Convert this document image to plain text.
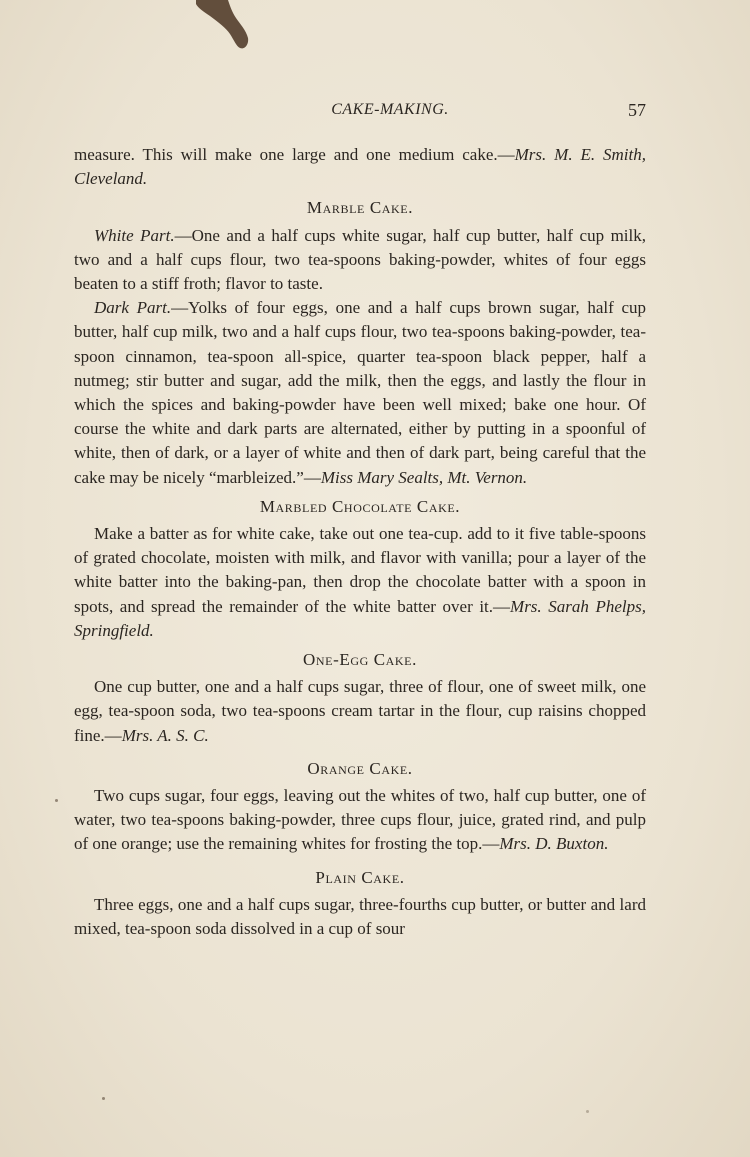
CAKE-MAKING.	57

measure. This will make one large and one medium cake.—Mrs. M. E. Smith, Cleveland.

Marble Cake.

White Part.—One and a half cups white sugar, half cup butter, half cup milk, two and a half cups flour, two tea-spoons baking-powder, whites of four eggs beaten to a stiff froth; flavor to taste.

Dark Part.—Yolks of four eggs, one and a half cups brown sugar, half cup butter, half cup milk, two and a half cups flour, two tea-spoons baking-powder, tea-spoon cinnamon, tea-spoon all-spice, quarter tea-spoon black pepper, half a nutmeg; stir butter and sugar, add the milk, then the eggs, and lastly the flour in which the spices and baking-powder have been well mixed; bake one hour. Of course the white and dark parts are alternated, either by putting in a spoonful of white, then of dark, or a layer of white and then of dark part, being careful that the cake may be nicely “marbleized.”—Miss Mary Sealts, Mt. Vernon.

Marbled Chocolate Cake.

Make a batter as for white cake, take out one tea-cup. add to it five table-spoons of grated chocolate, moisten with milk, and flavor with vanilla; pour a layer of the white batter into the baking-pan, then drop the chocolate batter with a spoon in spots, and spread the remainder of the white batter over it.—Mrs. Sarah Phelps, Springfield.

One-Egg Cake.

One cup butter, one and a half cups sugar, three of flour, one of sweet milk, one egg, tea-spoon soda, two tea-spoons cream tartar in the flour, cup raisins chopped fine.—Mrs. A. S. C.

Orange Cake.

Two cups sugar, four eggs, leaving out the whites of two, half cup butter, one of water, two tea-spoons baking-powder, three cups flour, juice, grated rind, and pulp of one orange; use the remaining whites for frosting the top.—Mrs. D. Buxton.

Plain Cake.

Three eggs, one and a half cups sugar, three-fourths cup butter, or butter and lard mixed, tea-spoon soda dissolved in a cup of sour
